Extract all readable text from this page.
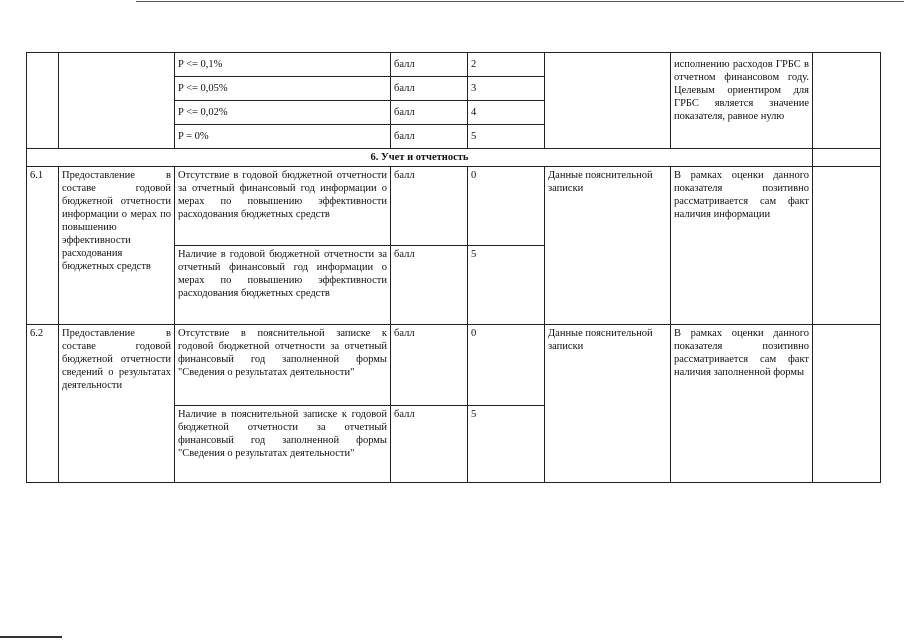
		P <= 0,1%	балл	2		исполнению расходов ГРБС в отчетном финансовом году. Целевым ориентиром для ГРБС является значение показателя, равное нулю	
		P <= 0,05%	балл	3			
		P <= 0,02%	балл	4			
		P = 0%	балл	5			
6. Учет и отчетность							
6.1	Предоставление в составе годовой бюджетной отчетности информации о мерах по повышению эффективности расходования бюджетных средств	Отсутствие в годовой бюджетной отчетности за отчетный финансовый год информации о мерах по повышению эффективности расходования бюджетных средств	балл	0	Данные пояснительной записки	В рамках оценки данного показателя позитивно рассматривается сам факт наличия информации	
		Наличие в годовой бюджетной отчетности за отчетный финансовый год информации о мерах по повышению эффективности расходования бюджетных средств	балл	5			
6.2	Предоставление в составе годовой бюджетной отчетности сведений о результатах деятельности	Отсутствие в пояснительной записке к годовой бюджетной отчетности за отчетный финансовый год заполненной формы "Сведения о результатах деятельности"	балл	0	Данные пояснительной записки	В рамках оценки данного показателя позитивно рассматривается сам факт наличия заполненной формы	
		Наличие в пояснительной записке к годовой бюджетной отчетности за отчетный финансовый год заполненной формы "Сведения о результатах деятельности"	балл	5			
